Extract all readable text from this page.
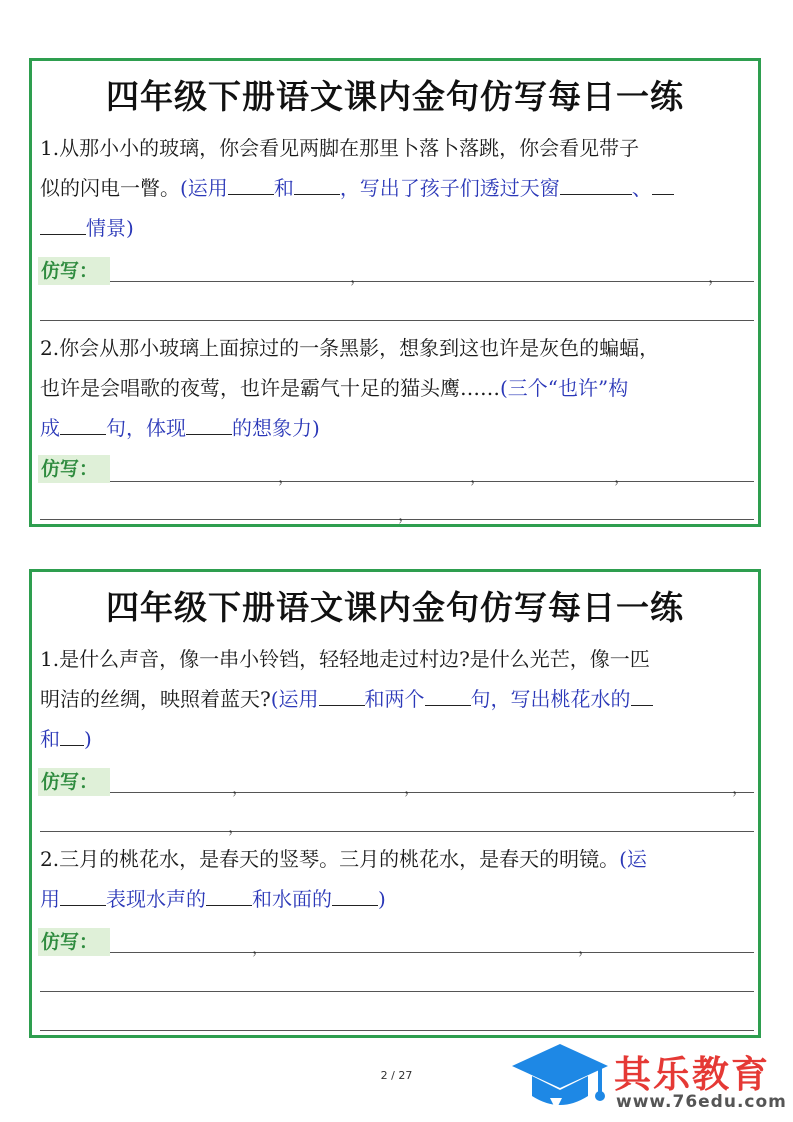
四年级下册语文课内金句仿写每日一练
1.从那小小的玻璃，你会看见两脚在那里卜落卜落跳，你会看见带子
似的闪电一瞥。(运用 和 ，写出了孩子们透过天窗	、
情景)
仿写：	，	，
2.你会从那小玻璃上面掠过的一条黑影，想象到这也许是灰色的蝙蝠，
也许是会唱歌的夜莺，也许是霸气十足的猫头鹰……(三个“也许”构
成 句，体现 的想象力)
仿写：	，	，	，
，
四年级下册语文课内金句仿写每日一练
1.是什么声音，像一串小铃铛，轻轻地走过村边?是什么光芒，像一匹
明洁的丝绸，映照着蓝天?(运用 和两个 句，写出桃花水的
和 )
仿写：	，	，	，
，
2.三月的桃花水，是春天的竖琴。三月的桃花水，是春天的明镜。(运
用 表现水声的 和水面的 )
仿写：	，	，
2 / 27	其乐教育
www.76edu.com
